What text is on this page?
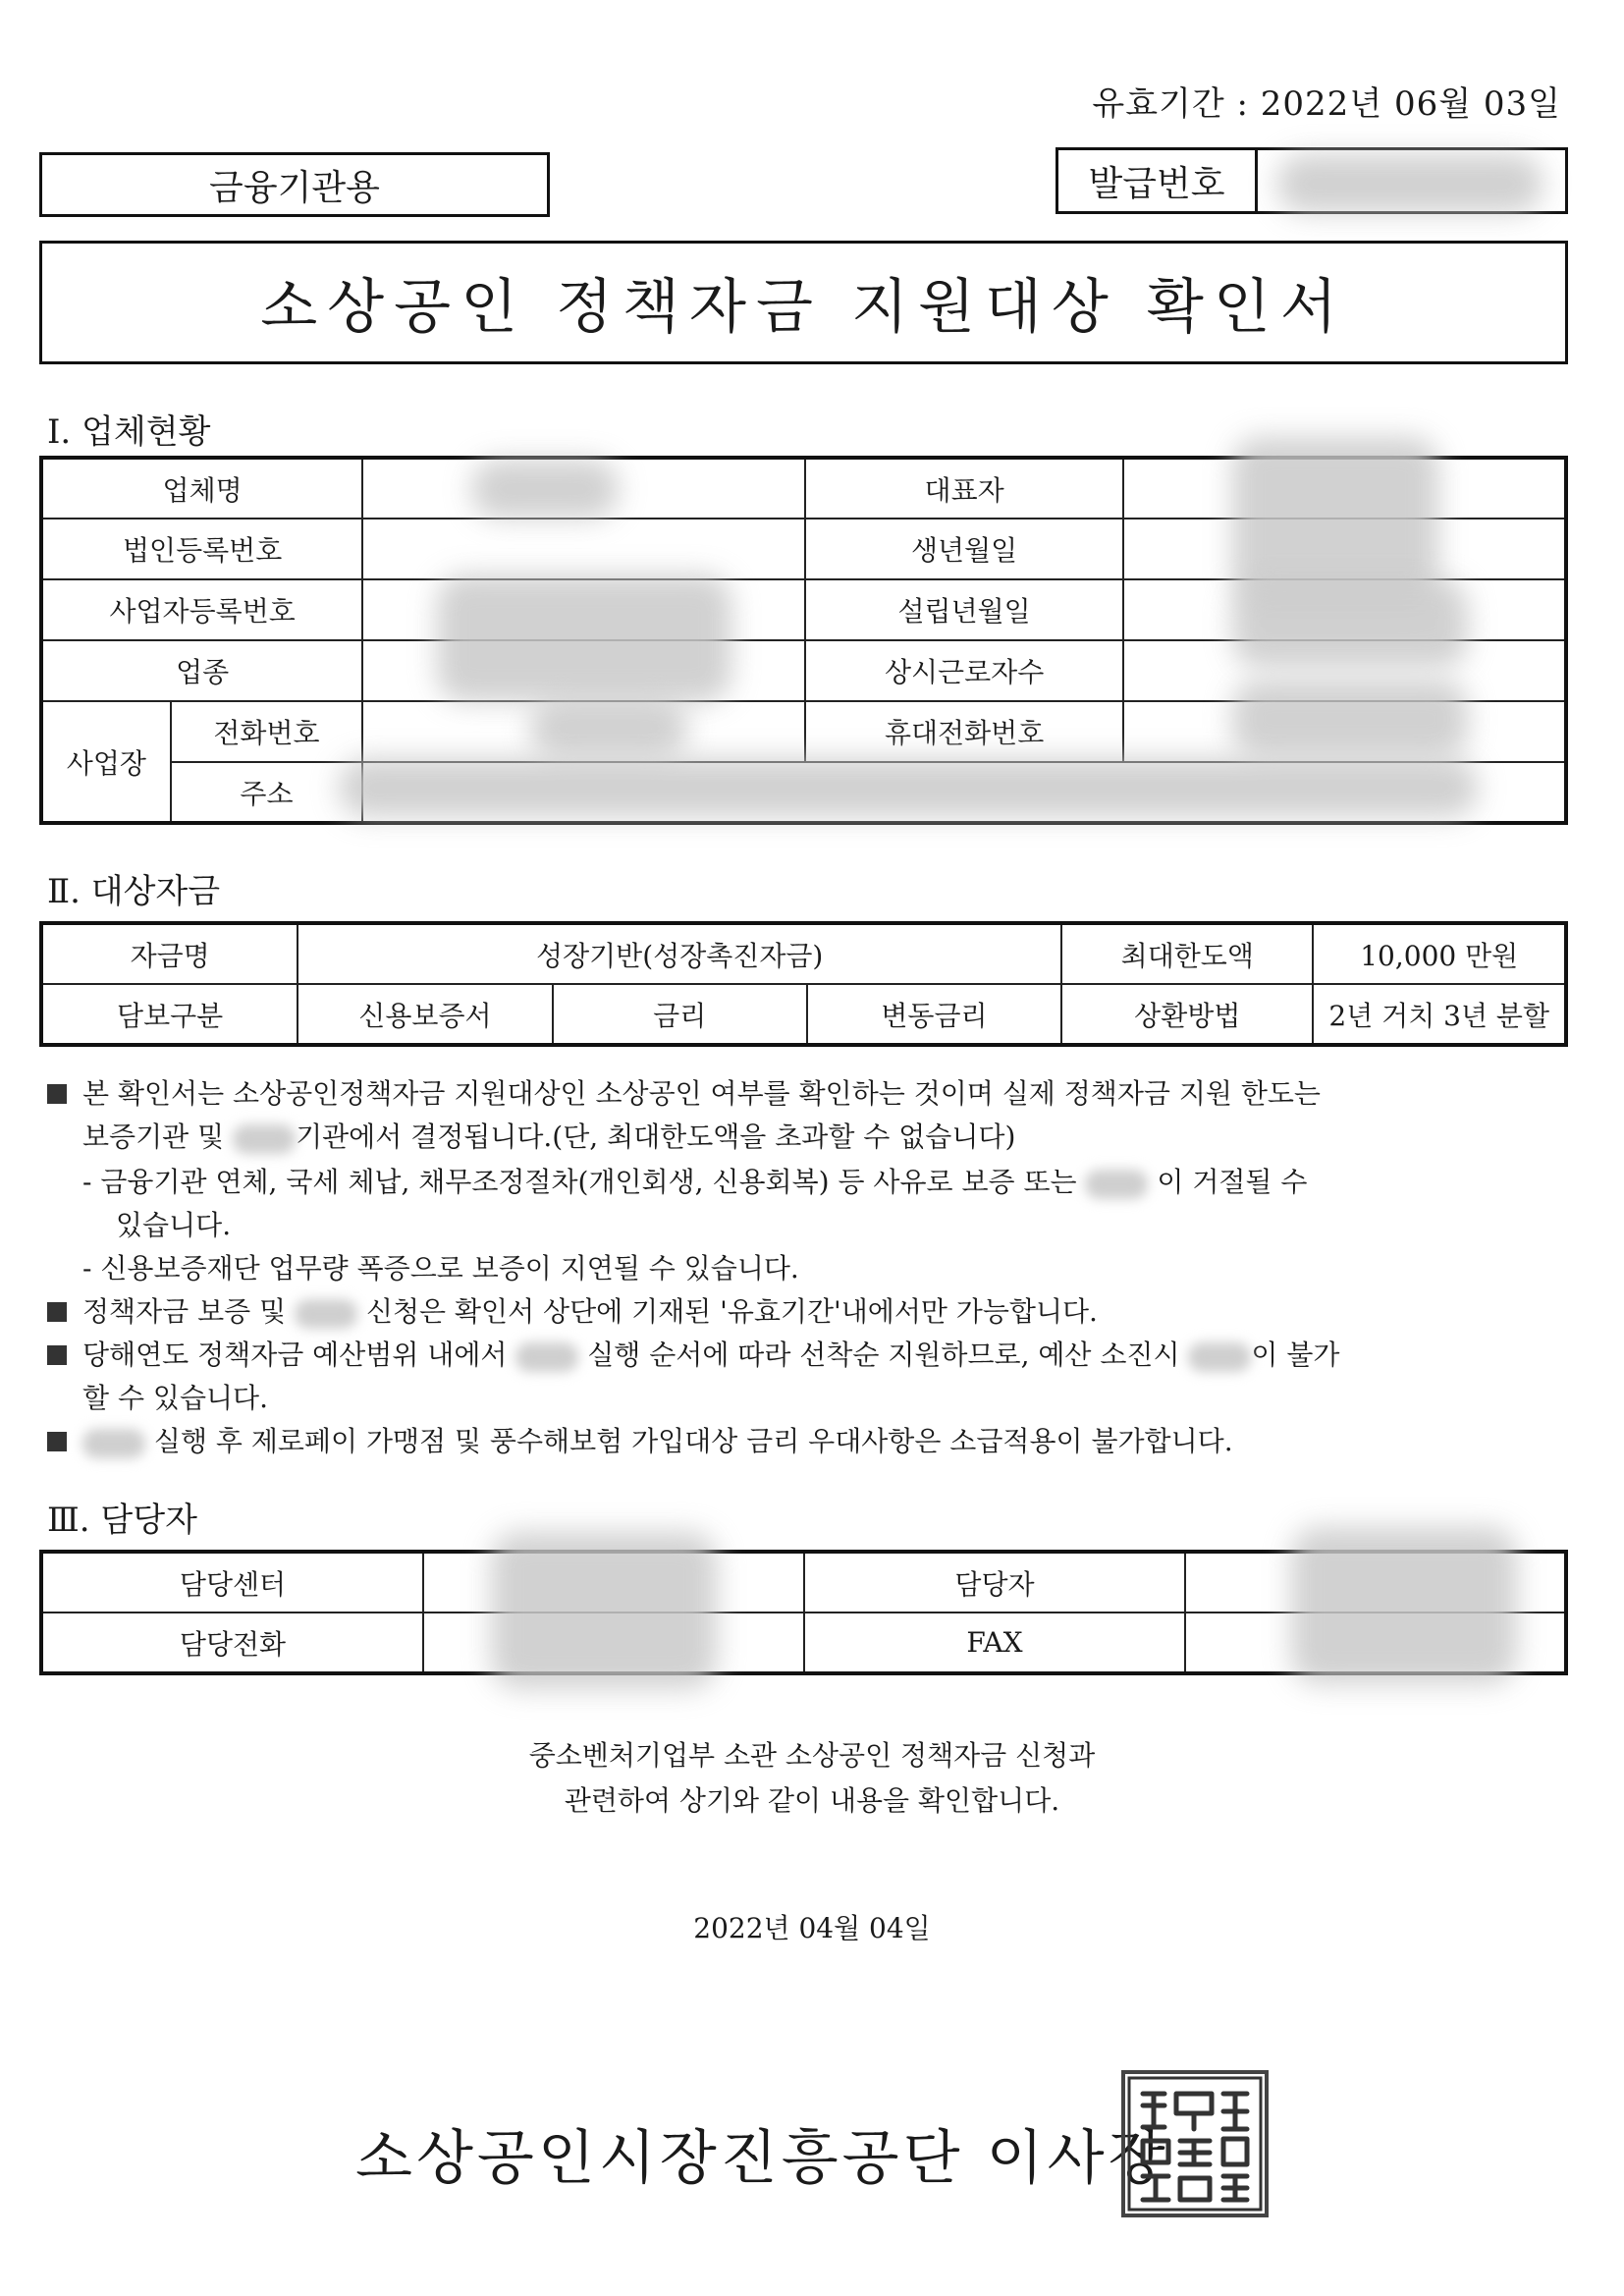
유효기간 : 2022년 06월 03일
금융기관용	발급번호
소상공인 정책자금 지원대상 확인서
Ⅰ. 업체현황
업체명			대표자	
법인등록번호			생년월일	
사업자등록번호			설립년월일	
업종			상시근로자수	
사업장	전화번호		휴대전화번호	
	주소			
Ⅱ. 대상자금
자금명	성장기반(성장촉진자금)			최대한도액	10,000 만원
담보구분	신용보증서	금리	변동금리	상환방법	2년 거치 3년 분할
본 확인서는 소상공인정책자금 지원대상인 소상공인 여부를 확인하는 것이며 실제 정책자금 지원 한도는
보증기관 및	기관에서 결정됩니다.(단, 최대한도액을 초과할 수 없습니다)
- 금융기관 연체, 국세 체납, 채무조정절차(개인회생, 신용회복) 등 사유로 보증 또는	이 거절될 수
있습니다.
- 신용보증재단 업무량 폭증으로 보증이 지연될 수 있습니다.
정책자금 보증 및	신청은 확인서 상단에 기재된 '유효기간'내에서만 가능합니다.
당해연도 정책자금 예산범위 내에서	실행 순서에 따라 선착순 지원하므로, 예산 소진시	이 불가
할 수 있습니다.
실행 후 제로페이 가맹점 및 풍수해보험 가입대상 금리 우대사항은 소급적용이 불가합니다.
Ⅲ. 담당자
담당센터		담당자	
담당전화		FAX	
중소벤처기업부 소관 소상공인 정책자금 신청과
관련하여 상기와 같이 내용을 확인합니다.
2022년 04월 04일
소상공인시장진흥공단 이사장
